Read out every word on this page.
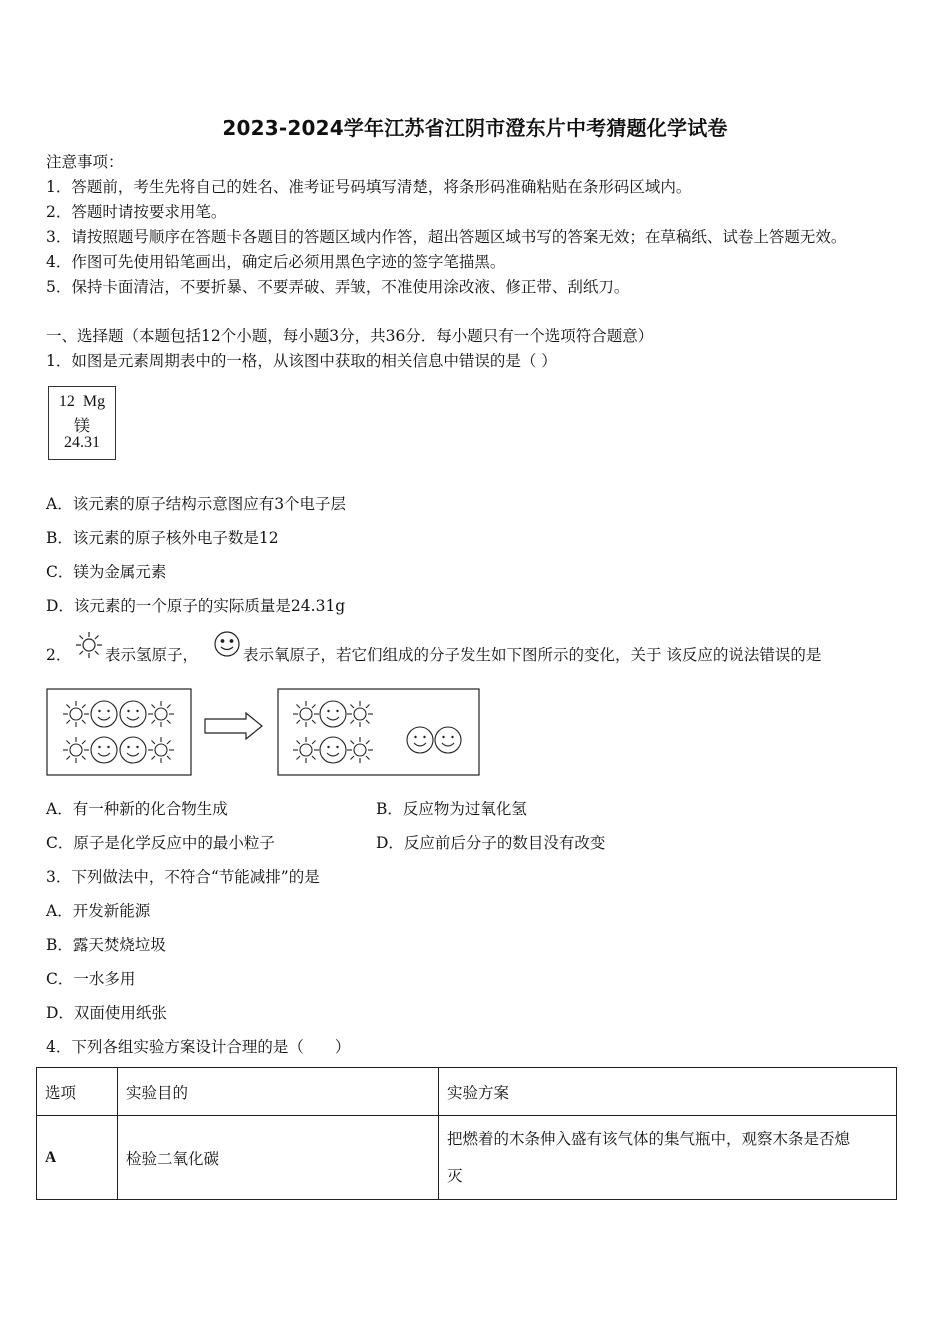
2023-2024学年江苏省江阴市澄东片中考猜题化学试卷
注意事项：
1．答题前，考生先将自己的姓名、准考证号码填写清楚，将条形码准确粘贴在条形码区域内。
2．答题时请按要求用笔。
3．请按照题号顺序在答题卡各题目的答题区域内作答，超出答题区域书写的答案无效；在草稿纸、试卷上答题无效。
4．作图可先使用铅笔画出，确定后必须用黑色字迹的签字笔描黑。
5．保持卡面清洁，不要折暴、不要弄破、弄皱，不准使用涂改液、修正带、刮纸刀。
一、选择题（本题包括12个小题，每小题3分，共36分．每小题只有一个选项符合题意）
1．如图是元素周期表中的一格，从该图中获取的相关信息中错误的是（ ）
12 Mg
镁
24.31
A．该元素的原子结构示意图应有3个电子层
B．该元素的原子核外电子数是12
C．镁为金属元素
D．该元素的一个原子的实际质量是24.31g
2． 表示氢原子，	表示氧原子，若它们组成的分子发生如下图所示的变化，关于 该反应的说法错误的是
A．有一种新的化合物生成	B．反应物为过氧化氢
C．原子是化学反应中的最小粒子	D．反应前后分子的数目没有改变
3．下列做法中，不符合“节能减排”的是
A．开发新能源
B．露天焚烧垃圾
C．一水多用
D．双面使用纸张
4．下列各组实验方案设计合理的是（　　）
选项	实验目的	实验方案
A	检验二氧化碳	把燃着的木条伸入盛有该气体的集气瓶中，观察木条是否熄
灭
